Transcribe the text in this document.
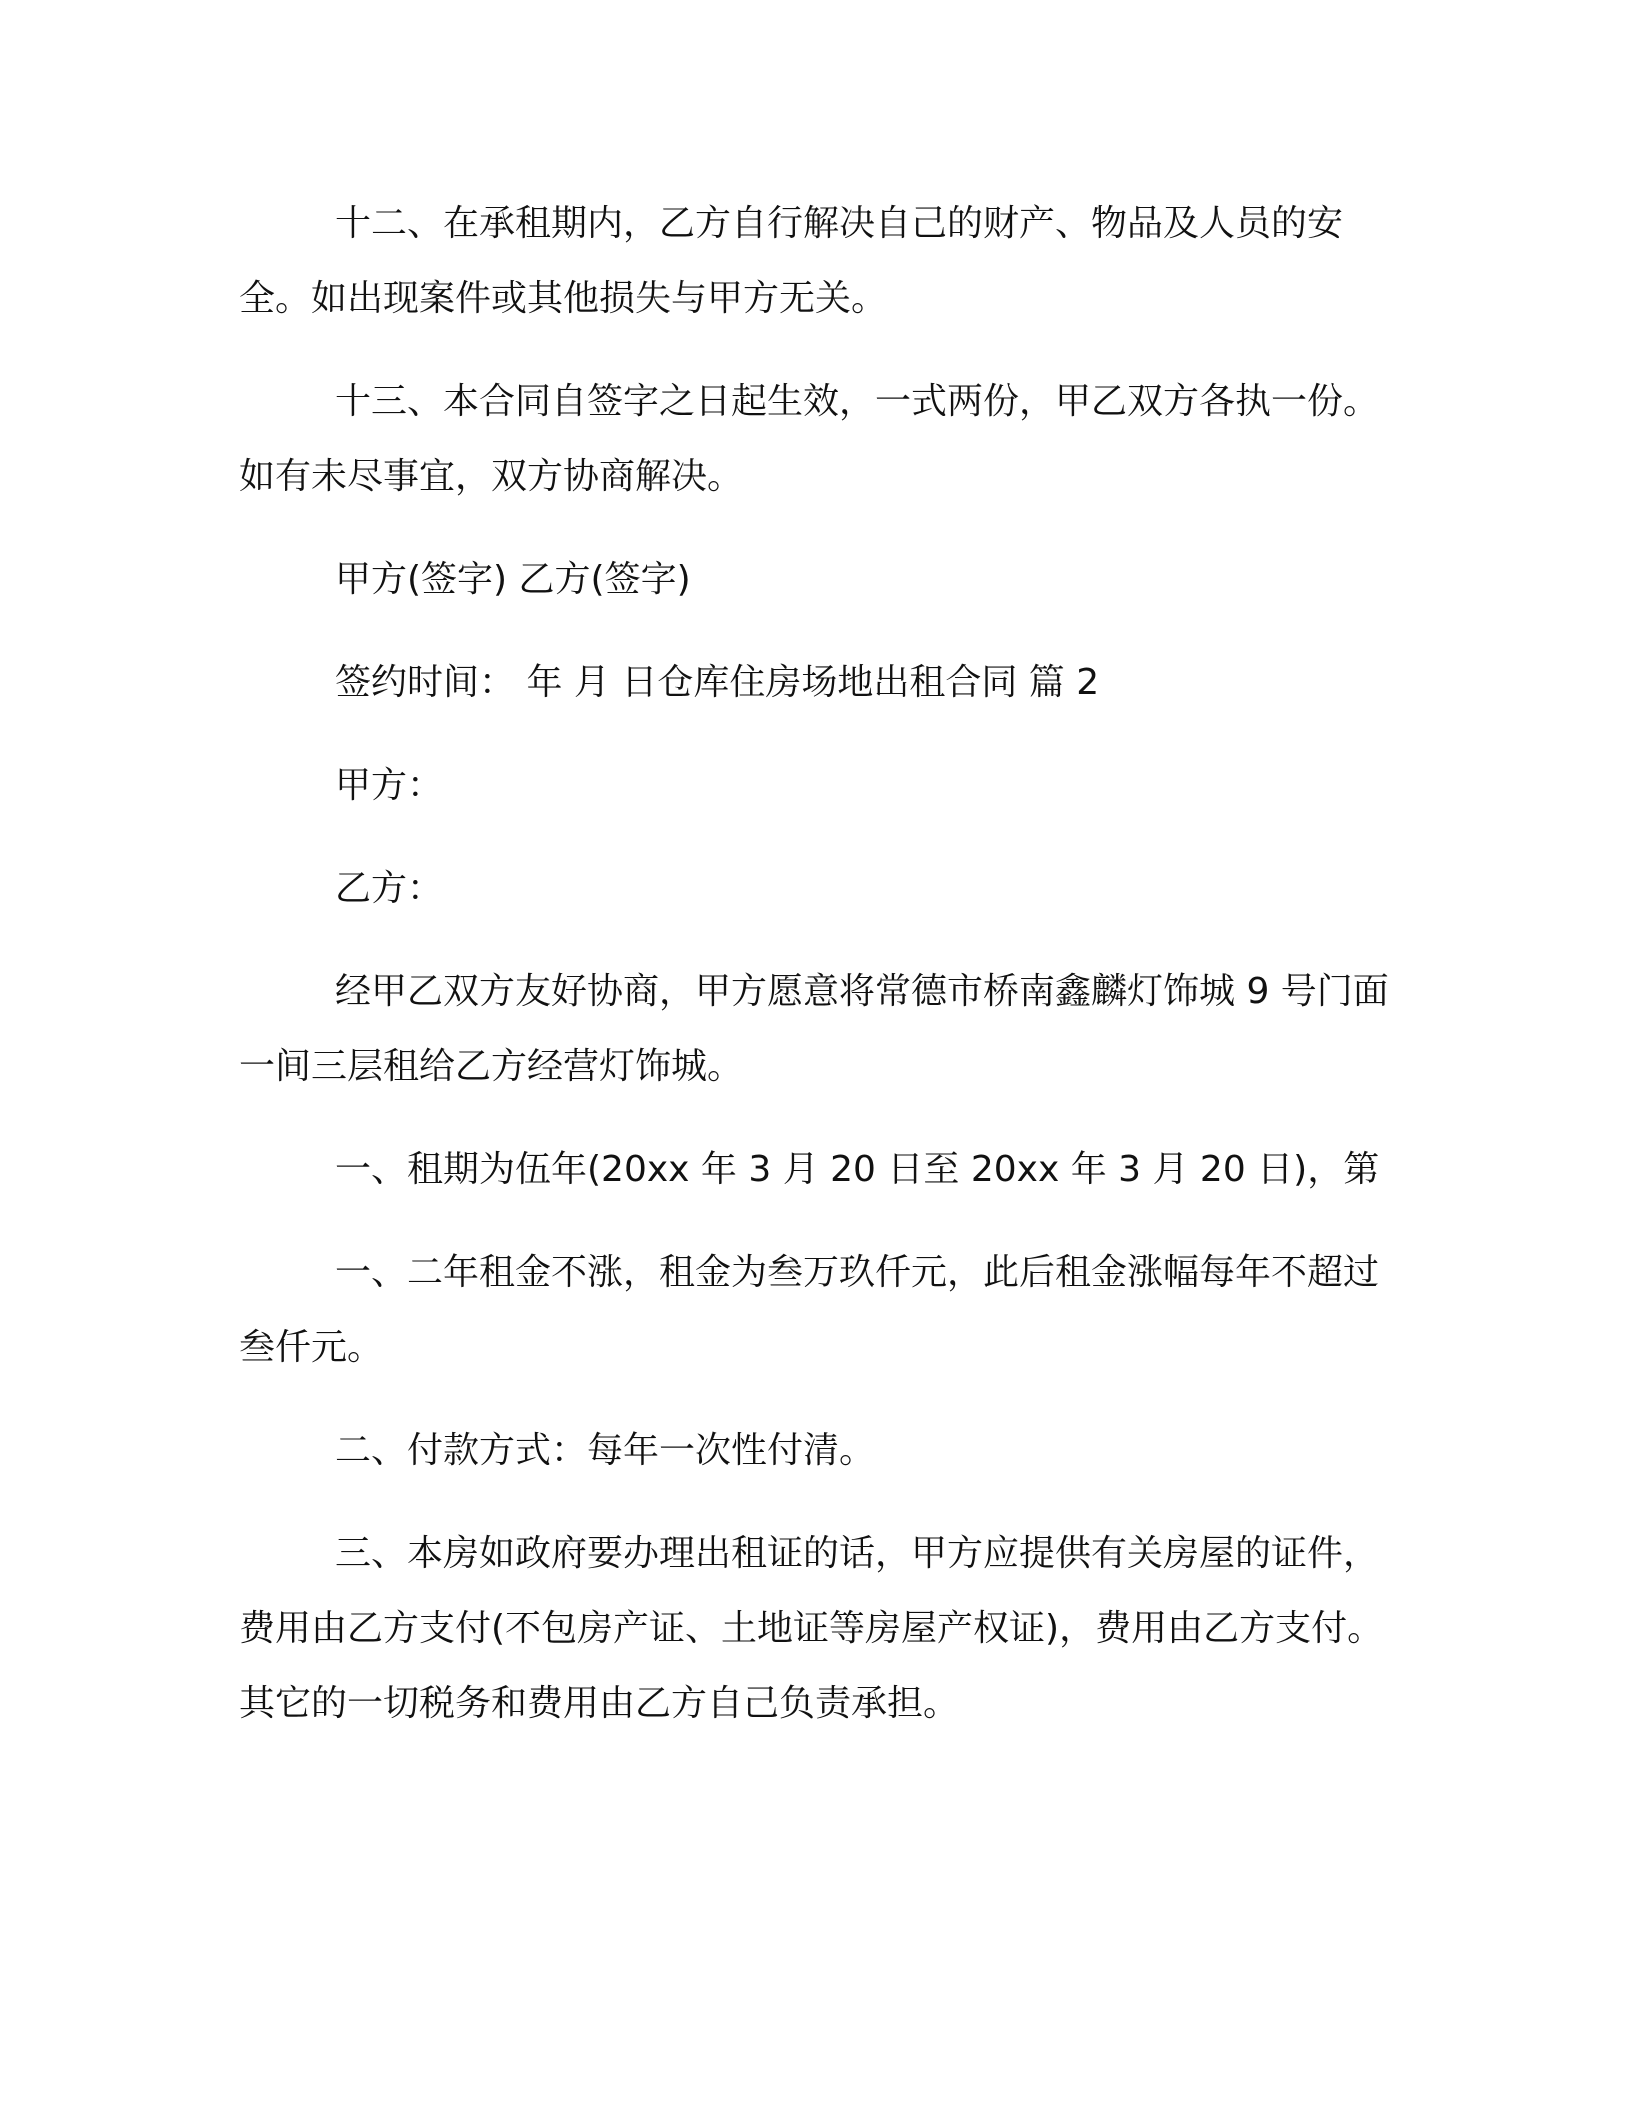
十二、在承租期内，乙方自行解决自己的财产、物品及人员的安全。如出现案件或其他损失与甲方无关。

十三、本合同自签字之日起生效，一式两份，甲乙双方各执一份。如有未尽事宜，双方协商解决。

甲方(签字) 乙方(签字)

签约时间： 年 月 日仓库住房场地出租合同 篇 2

甲方：

乙方：

经甲乙双方友好协商，甲方愿意将常德市桥南鑫麟灯饰城 9 号门面一间三层租给乙方经营灯饰城。

一、租期为伍年(20xx 年 3 月 20 日至 20xx 年 3 月 20 日)，第

一、二年租金不涨，租金为叁万玖仟元，此后租金涨幅每年不超过叁仟元。

二、付款方式：每年一次性付清。

三、本房如政府要办理出租证的话，甲方应提供有关房屋的证件，费用由乙方支付(不包房产证、土地证等房屋产权证)，费用由乙方支付。其它的一切税务和费用由乙方自己负责承担。
